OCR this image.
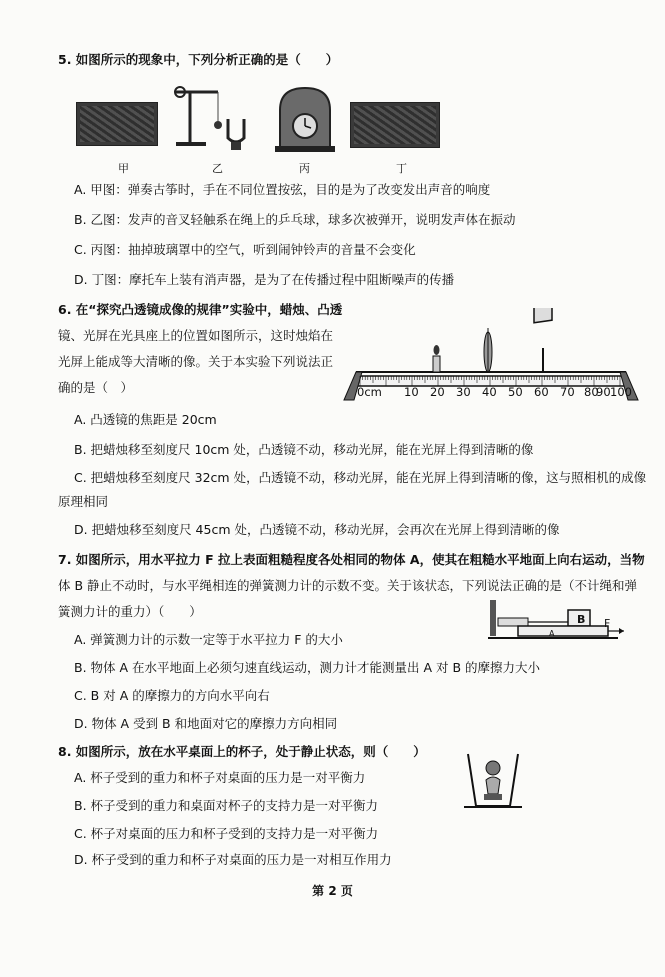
5. 如图所示的现象中，下列分析正确的是（　　）
甲	乙	丙	丁
A. 甲图：弹奏古筝时，手在不同位置按弦，目的是为了改变发出声音的响度
B. 乙图：发声的音叉轻触系在绳上的乒乓球，球多次被弹开，说明发声体在振动
C. 丙图：抽掉玻璃罩中的空气，听到闹钟铃声的音量不会变化
D. 丁图：摩托车上装有消声器，是为了在传播过程中阻断噪声的传播
6. 在“探究凸透镜成像的规律”实验中，蜡烛、凸透
镜、光屏在光具座上的位置如图所示，这时烛焰在
光屏上能成等大清晰的像。关于本实验下列说法正
确的是（　）	0cm 10 20 30 40 50 60 70 80
90 100
A. 凸透镜的焦距是 20cm
B. 把蜡烛移至刻度尺 10cm 处，凸透镜不动，移动光屏，能在光屏上得到清晰的像
C. 把蜡烛移至刻度尺 32cm 处，凸透镜不动，移动光屏，能在光屏上得到清晰的像，这与照相机的成像
原理相同
D. 把蜡烛移至刻度尺 45cm 处，凸透镜不动，移动光屏，会再次在光屏上得到清晰的像
7. 如图所示，用水平拉力 F 拉上表面粗糙程度各处相同的物体 A，使其在粗糙水平地面上向右运动，当物
体 B 静止不动时，与水平绳相连的弹簧测力计的示数不变。关于该状态，下列说法正确的是（不计绳和弹
簧测力计的重力）（　　）
B
A
F
A. 弹簧测力计的示数一定等于水平拉力 F 的大小
B. 物体 A 在水平地面上必须匀速直线运动，测力计才能测量出 A 对 B 的摩擦力大小
C. B 对 A 的摩擦力的方向水平向右
D. 物体 A 受到 B 和地面对它的摩擦力方向相同
8. 如图所示，放在水平桌面上的杯子，处于静止状态，则（　　）
A. 杯子受到的重力和杯子对桌面的压力是一对平衡力
B. 杯子受到的重力和桌面对杯子的支持力是一对平衡力
C. 杯子对桌面的压力和杯子受到的支持力是一对平衡力
D. 杯子受到的重力和杯子对桌面的压力是一对相互作用力
第 2 页
